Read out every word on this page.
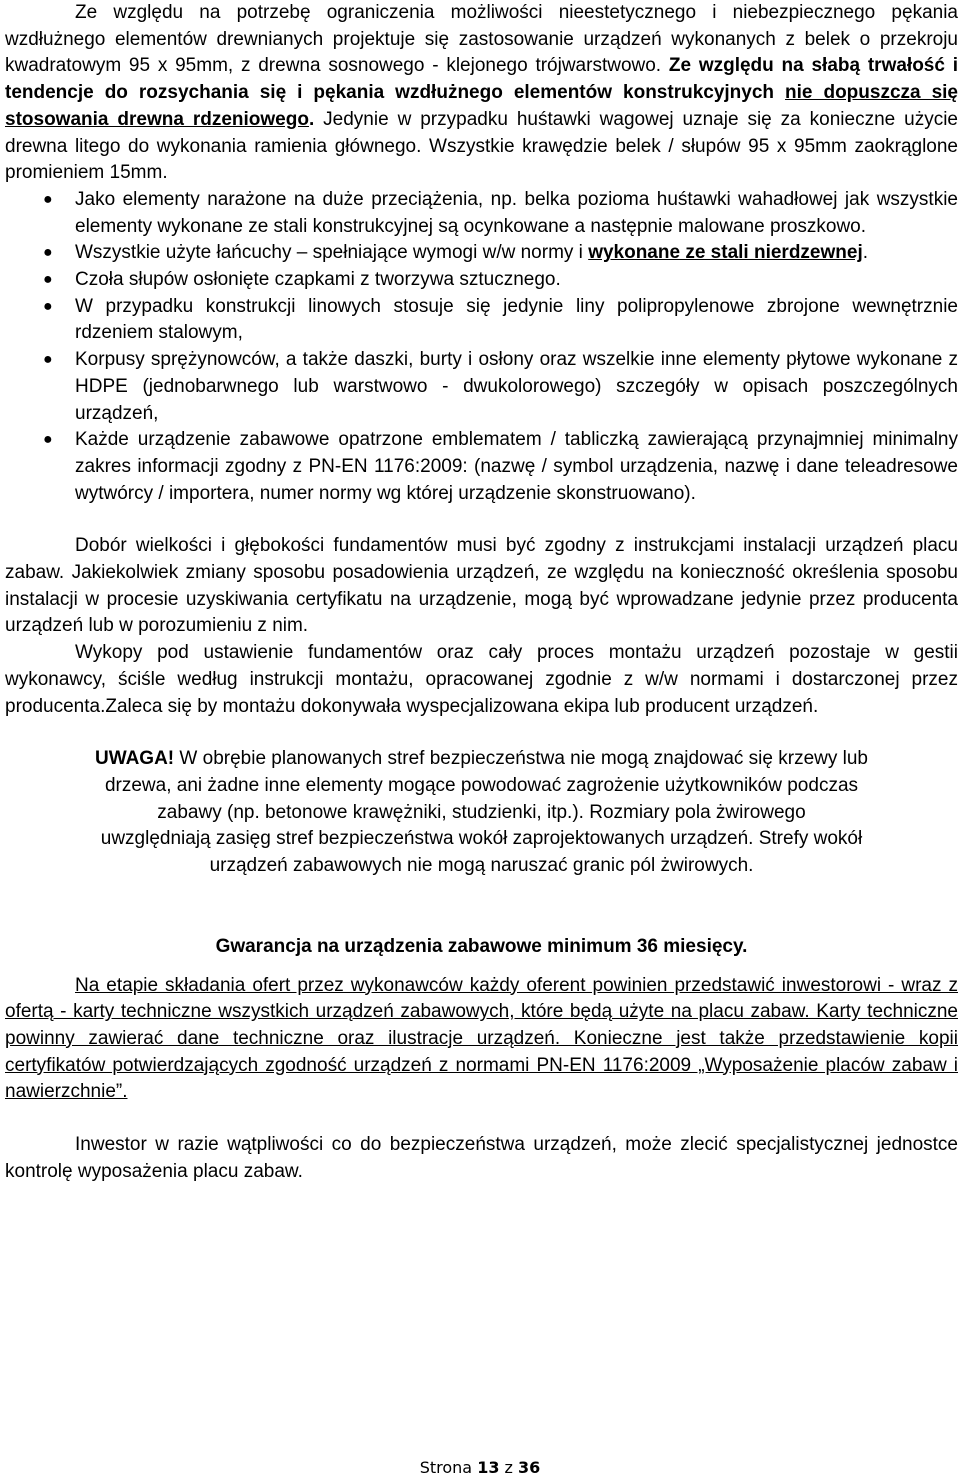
Ze względu na potrzebę ograniczenia możliwości nieestetycznego i niebezpiecznego pękania wzdłużnego elementów drewnianych projektuje się zastosowanie urządzeń wykonanych z belek o przekroju kwadratowym 95 x 95mm, z drewna sosnowego - klejonego trójwarstwowo. Ze względu na słabą trwałość i tendencje do rozsychania się i pękania wzdłużnego elementów konstrukcyjnych nie dopuszcza się stosowania drewna rdzeniowego. Jedynie w przypadku huśtawki wagowej uznaje się za konieczne użycie drewna litego do wykonania ramienia głównego. Wszystkie krawędzie belek / słupów 95 x 95mm zaokrąglone promieniem 15mm.

● Jako elementy narażone na duże przeciążenia, np. belka pozioma huśtawki wahadłowej jak wszystkie elementy wykonane ze stali konstrukcyjnej są ocynkowane a następnie malowane proszkowo.
● Wszystkie użyte łańcuchy – spełniające wymogi w/w normy i wykonane ze stali nierdzewnej.
● Czoła słupów osłonięte czapkami z tworzywa sztucznego.
● W przypadku konstrukcji linowych stosuje się jedynie liny polipropylenowe zbrojone wewnętrznie rdzeniem stalowym,
● Korpusy sprężynowców, a także daszki, burty i osłony oraz wszelkie inne elementy płytowe wykonane z HDPE (jednobarwnego lub warstwowo - dwukolorowego) szczegóły w opisach poszczególnych urządzeń,
● Każde urządzenie zabawowe opatrzone emblematem / tabliczką zawierającą przynajmniej minimalny zakres informacji zgodny z PN-EN 1176:2009: (nazwę / symbol urządzenia, nazwę i dane teleadresowe wytwórcy / importera, numer normy wg której urządzenie skonstruowano).

Dobór wielkości i głębokości fundamentów musi być zgodny z instrukcjami instalacji urządzeń placu zabaw. Jakiekolwiek zmiany sposobu posadowienia urządzeń, ze względu na konieczność określenia sposobu instalacji w procesie uzyskiwania certyfikatu na urządzenie, mogą być wprowadzane jedynie przez producenta urządzeń lub w porozumieniu z nim.

Wykopy pod ustawienie fundamentów oraz cały proces montażu urządzeń pozostaje w gestii wykonawcy, ściśle według instrukcji montażu, opracowanej zgodnie z w/w normami i dostarczonej przez producenta.Zaleca się by montażu dokonywała wyspecjalizowana ekipa lub producent urządzeń.

UWAGA! W obrębie planowanych stref bezpieczeństwa nie mogą znajdować się krzewy lub

drzewa, ani żadne inne elementy mogące powodować zagrożenie użytkowników podczas

zabawy (np. betonowe krawężniki, studzienki, itp.). Rozmiary pola żwirowego

uwzględniają zasięg stref bezpieczeństwa wokół zaprojektowanych urządzeń. Strefy wokół

urządzeń zabawowych nie mogą naruszać granic pól żwirowych.

Gwarancja na urządzenia zabawowe minimum 36 miesięcy.

Na etapie składania ofert przez wykonawców każdy oferent powinien przedstawić inwestorowi - wraz z ofertą - karty techniczne wszystkich urządzeń zabawowych, które będą użyte na placu zabaw. Karty techniczne powinny zawierać dane techniczne oraz ilustracje urządzeń. Konieczne jest także przedstawienie kopii certyfikatów potwierdzających zgodność urządzeń z normami PN-EN 1176:2009 „Wyposażenie placów zabaw i nawierzchnie”.

Inwestor w razie wątpliwości co do bezpieczeństwa urządzeń, może zlecić specjalistycznej jednostce kontrolę wyposażenia placu zabaw.

Strona 13 z 36
